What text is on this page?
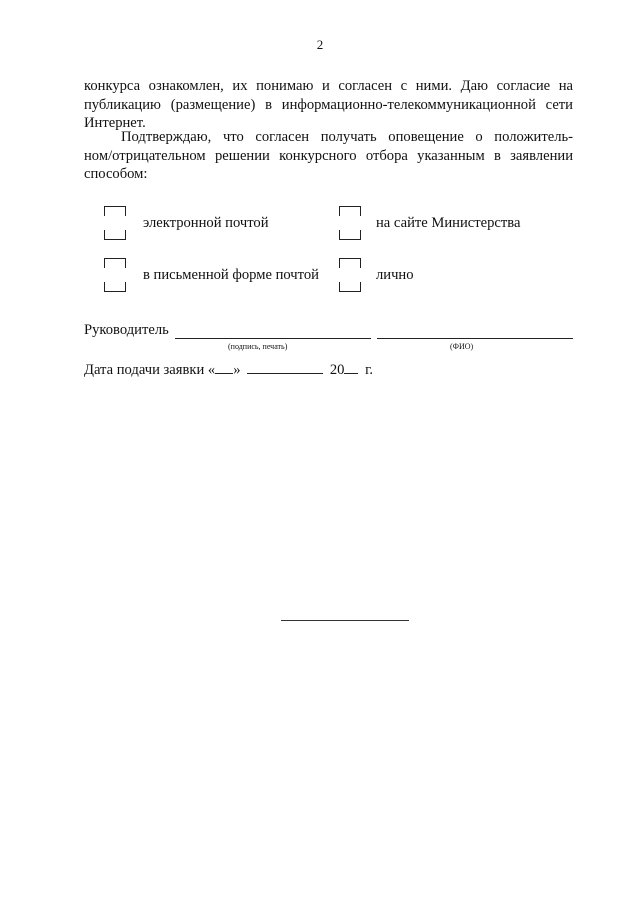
2
конкурса ознакомлен, их понимаю и согласен с ними. Даю согласие на
публикацию (размещение) в информационно-телекоммуникационной сети
Интернет.
Подтверждаю, что согласен получать оповещение о положитель-
ном/отрицательном решении конкурсного отбора указанным в заявлении
способом:
электронной почтой	на сайте Министерства
в письменной форме почтой	лично
Руководитель
(подпись, печать)	(ФИО)
Дата подачи заявки « »	20 г.
